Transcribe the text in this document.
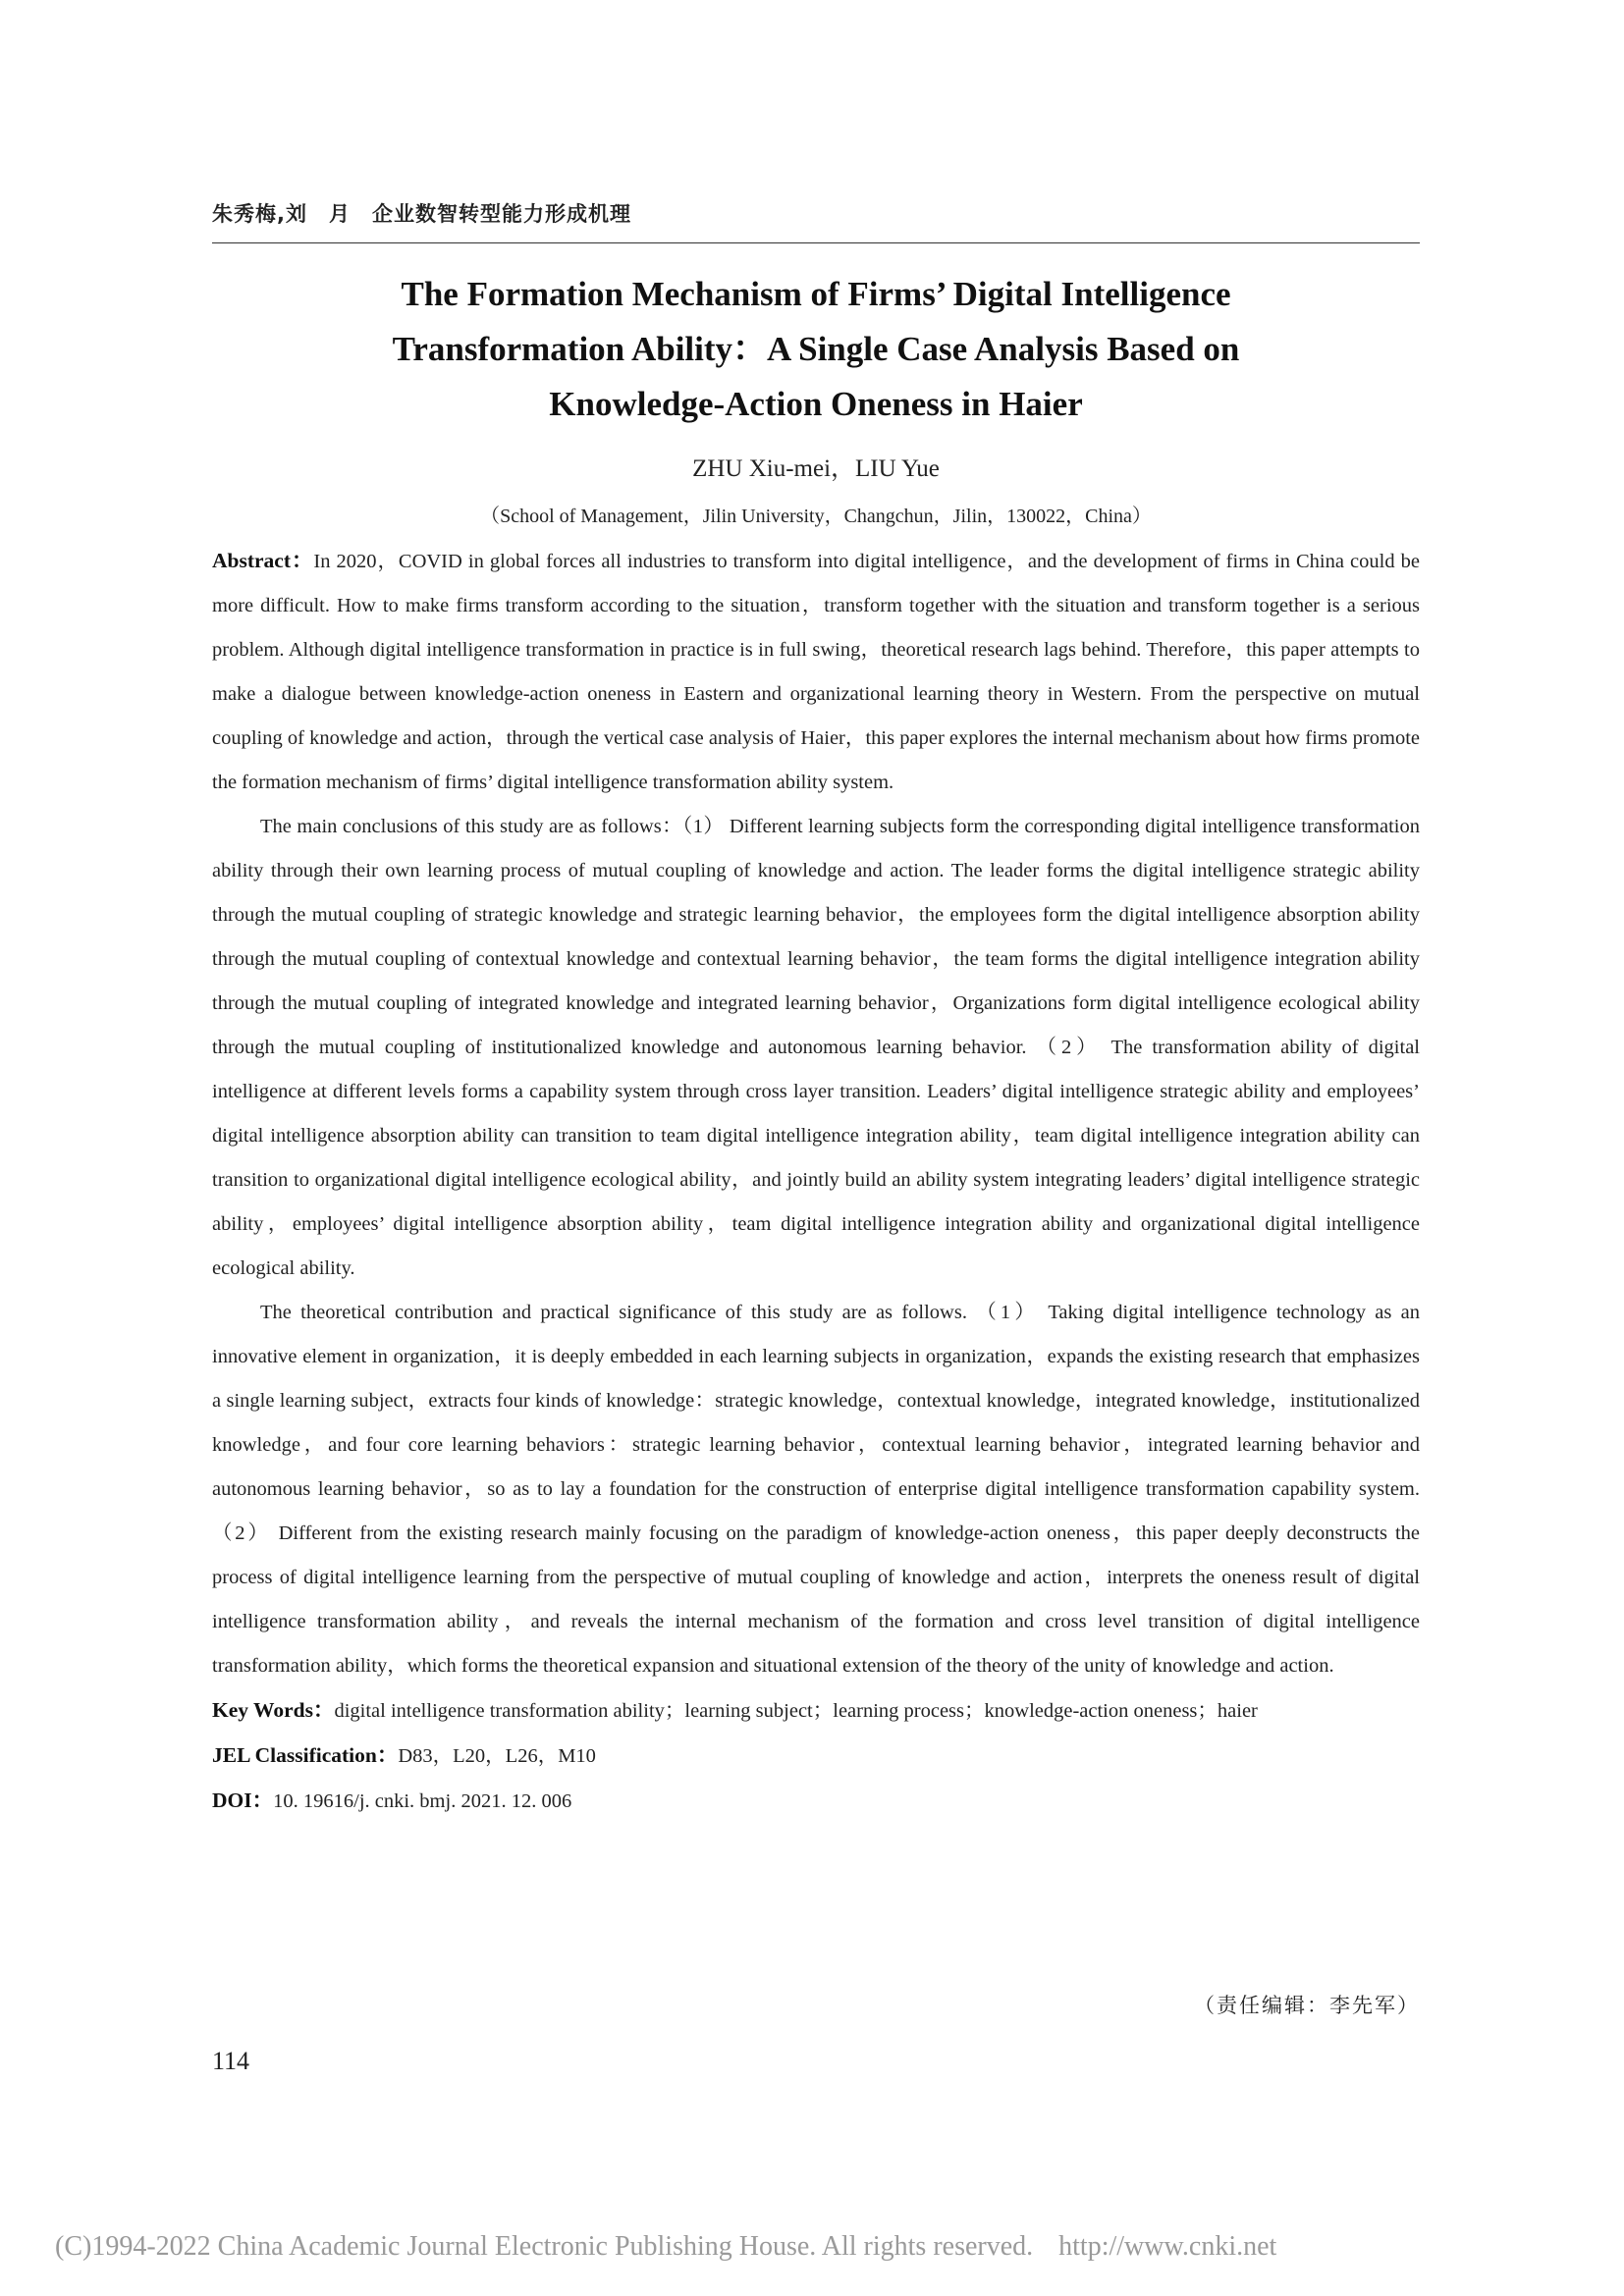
朱秀梅,刘　月　企业数智转型能力形成机理
The Formation Mechanism of Firms’ Digital Intelligence
Transformation Ability：A Single Case Analysis Based on
Knowledge-Action Oneness in Haier
ZHU Xiu-mei，LIU Yue
（School of Management，Jilin University，Changchun，Jilin，130022，China）

Abstract：In 2020，COVID in global forces all industries to transform into digital intelligence，and the development of firms in China could be more difficult. How to make firms transform according to the situation，transform together with the situation and transform together is a serious problem. Although digital intelligence transformation in practice is in full swing，theoretical research lags behind. Therefore，this paper attempts to make a dialogue between knowledge-action oneness in Eastern and organizational learning theory in Western. From the perspective on mutual coupling of knowledge and action，through the vertical case analysis of Haier，this paper explores the internal mechanism about how firms promote the formation mechanism of firms’ digital intelligence transformation ability system.

The main conclusions of this study are as follows：（1） Different learning subjects form the corresponding digital intelligence transformation ability through their own learning process of mutual coupling of knowledge and action. The leader forms the digital intelligence strategic ability through the mutual coupling of strategic knowledge and strategic learning behavior，the employees form the digital intelligence absorption ability through the mutual coupling of contextual knowledge and contextual learning behavior，the team forms the digital intelligence integration ability through the mutual coupling of integrated knowledge and integrated learning behavior，Organizations form digital intelligence ecological ability through the mutual coupling of institutionalized knowledge and autonomous learning behavior. （2） The transformation ability of digital intelligence at different levels forms a capability system through cross layer transition. Leaders’ digital intelligence strategic ability and employees’ digital intelligence absorption ability can transition to team digital intelligence integration ability，team digital intelligence integration ability can transition to organizational digital intelligence ecological ability，and jointly build an ability system integrating leaders’ digital intelligence strategic ability，employees’ digital intelligence absorption ability，team digital intelligence integration ability and organizational digital intelligence ecological ability.

The theoretical contribution and practical significance of this study are as follows. （1） Taking digital intelligence technology as an innovative element in organization，it is deeply embedded in each learning subjects in organization，expands the existing research that emphasizes a single learning subject，extracts four kinds of knowledge：strategic knowledge，contextual knowledge，integrated knowledge，institutionalized knowledge，and four core learning behaviors：strategic learning behavior，contextual learning behavior，integrated learning behavior and autonomous learning behavior，so as to lay a foundation for the construction of enterprise digital intelligence transformation capability system. （2） Different from the existing research mainly focusing on the paradigm of knowledge-action oneness，this paper deeply deconstructs the process of digital intelligence learning from the perspective of mutual coupling of knowledge and action，interprets the oneness result of digital intelligence transformation ability，and reveals the internal mechanism of the formation and cross level transition of digital intelligence transformation ability，which forms the theoretical expansion and situational extension of the theory of the unity of knowledge and action.

Key Words：digital intelligence transformation ability；learning subject；learning process；knowledge-action oneness；haier
JEL Classification：D83，L20，L26，M10
DOI：10. 19616/j. cnki. bmj. 2021. 12. 006
（责任编辑：李先军）
114
(C)1994-2022 China Academic Journal Electronic Publishing House. All rights reserved. http://www.cnki.net
